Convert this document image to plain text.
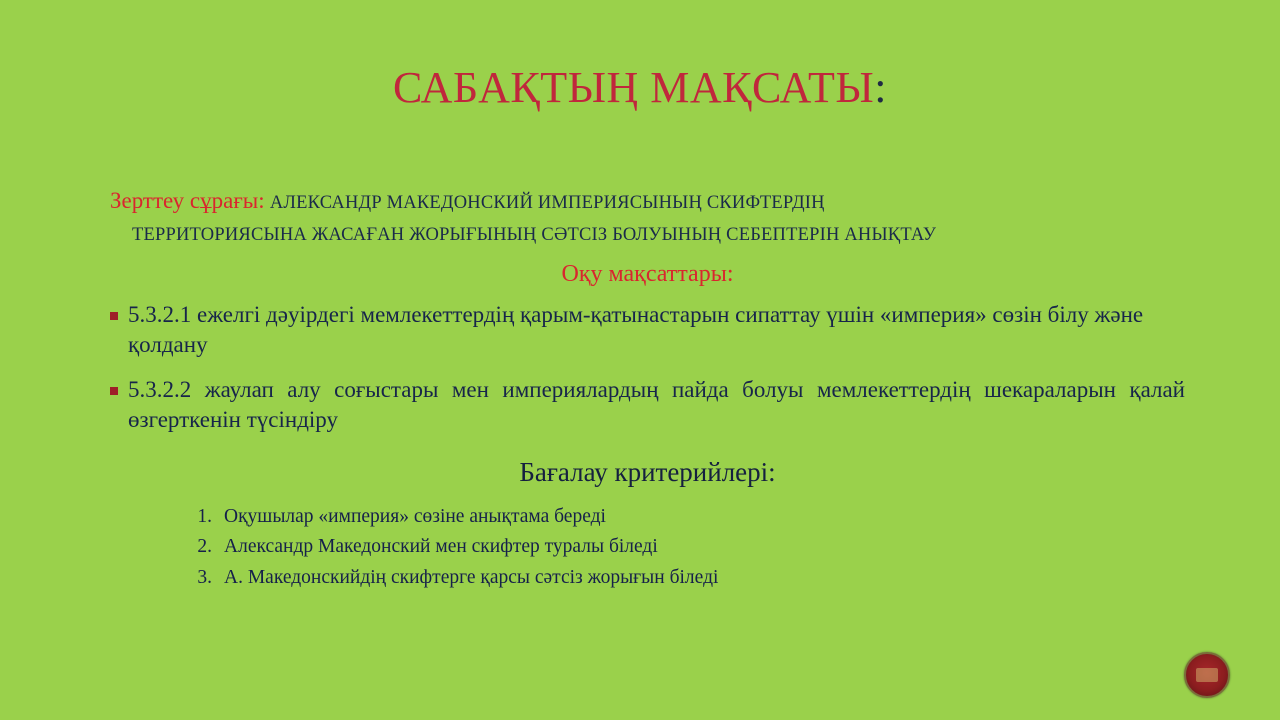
САБАҚТЫҢ МАҚСАТЫ:

Зерттеу сұрағы: АЛЕКСАНДР МАКЕДОНСКИЙ ИМПЕРИЯСЫНЫҢ СКИФТЕРДІҢ

ТЕРРИТОРИЯСЫНА ЖАСАҒАН ЖОРЫҒЫНЫҢ СӘТСІЗ БОЛУЫНЫҢ СЕБЕПТЕРІН АНЫҚТАУ

Оқу мақсаттары:
5.3.2.1 ежелгі дәуірдегі мемлекеттердің қарым-қатынастарын сипаттау үшін «империя» сөзін білу және қолдану
5.3.2.2 жаулап алу соғыстары мен империялардың пайда болуы мемлекеттердің шекараларын қалай өзгерткенін түсіндіру
Бағалау критерийлері:
1. Оқушылар «империя» сөзіне анықтама береді
2. Александр Македонский мен скифтер туралы біледі
3. А. Македонскийдің скифтерге қарсы сәтсіз жорығын біледі
